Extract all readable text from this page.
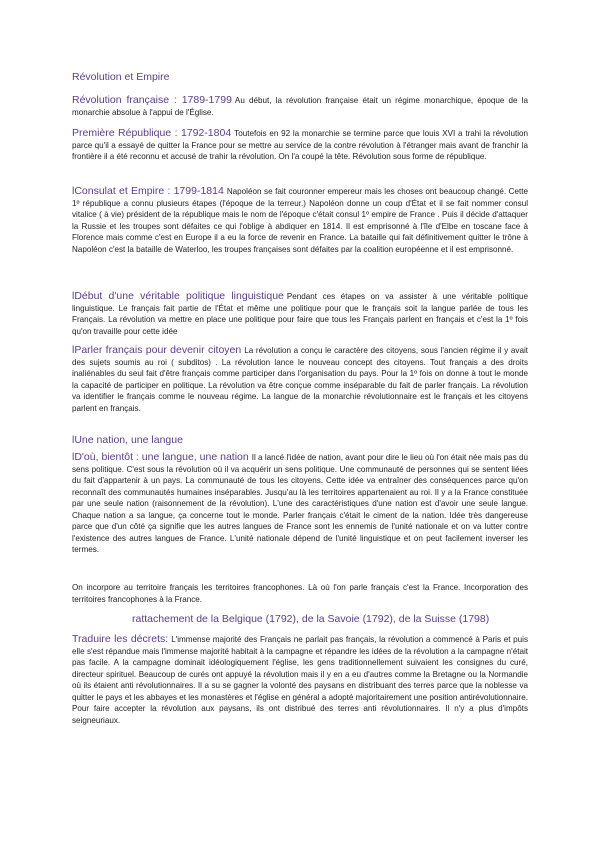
Révolution et Empire
Révolution française : 1789-1799 Au début, la révolution française était un régime monarchique, époque de la monarchie absolue à l'appui de l'Église.
Première République : 1792-1804 Toutefois en 92 la monarchie se termine parce que louis XVI a trahi la révolution parce qu'il a essayé de quitter la France pour se mettre au service de la contre révolution à l'étranger mais avant de franchir la frontière il a été reconnu et accusé de trahir la révolution. On l'a coupé la tête. Révolution sous forme de république.
lConsulat et Empire : 1799-1814 Napoléon se fait couronner empereur mais les choses ont beaucoup changé. Cette 1º république a connu plusieurs étapes (l'époque de la terreur.) Napoléon donne un coup d'État et il se fait nommer consul vitalice ( à vie) président de la république mais le nom de l'époque c'était consul 1º empire de France . Puis il décide d'attaquer la Russie et les troupes sont défaites ce qui l'oblige à abdiquer en 1814. Il est emprisonné à l'île d'Elbe en toscane face à Florence mais comme c'est en Europe il a eu la force de revenir en France. La bataille qui fait définitivement quitter le trône à Napoléon c'est la bataille de Waterloo, les troupes françaises sont défaites par la coalition européenne et il est emprisonné.
lDébut d'une véritable politique linguistique Pendant ces étapes on va assister à une véritable politique linguistique. Le français fait partie de l'État et même une politique pour que le français soit la langue parlée de tous les Français. La révolution va mettre en place une politique pour faire que tous les Français parlent en français et c'est la 1º fois qu'on travaille pour cette idée
lParler français pour devenir citoyen La révolution a conçu le caractère des citoyens, sous l'ancien régime il y avait des sujets soumis au roi ( subditos) . La révolution lance le nouveau concept des citoyens. Tout français a des droits inaliénables du seul fait d'être français comme participer dans l'organisation du pays. Pour la 1º fois on donne à tout le monde la capacité de participer en politique. La révolution va être conçue comme inséparable du fait de parler français. La révolution va identifier le français comme le nouveau régime. La langue de la monarchie révolutionnaire est le français et les citoyens parlent en français.
lUne nation, une langue
lD'où, bientôt : une langue, une nation Il a lancé l'idée de nation, avant pour dire le lieu où l'on était née mais pas du sens politique. C'est sous la révolution où il va acquérir un sens politique. Une communauté de personnes qui se sentent liées du fait d'appartenir à un pays. La communauté de tous les citoyens. Cette idée va entraîner des conséquences parce qu'on reconnaît des communautés humaines inséparables. Jusqu'au là les territoires appartenaient au roi. Il y a la France constituée par une seule nation (raisonnement de la révolution). L'une des caractéristiques d'une nation est d'avoir une seule langue. Chaque nation a sa langue, ça concerne tout le monde. Parler français c'était le ciment de la nation. Idée très dangereuse parce que d'un côté ça signifie que les autres langues de France sont les ennemis de l'unité nationale et on va lutter contre l'existence des autres langues de France. L'unité nationale dépend de l'unité linguistique et on peut facilement inverser les termes.
On incorpore au territoire français les territoires francophones. Là où l'on parle français c'est la France. Incorporation des territoires francophones à la France.
rattachement de la Belgique (1792), de la Savoie (1792), de la Suisse (1798)
Traduire les décrets: L'immense majorité des Français ne parlait pas français, la révolution a commencé à Paris et puis elle s'est répandue mais l'immense majorité habitait à la campagne et répandre les idées de la révolution a la campagne n'était pas facile. A la campagne dominait idéologiquement l'église, les gens traditionnellement suivaient les consignes du curé, directeur spirituel. Beaucoup de curés ont appuyé la révolution mais il y en a eu d'autres comme la Bretagne ou la Normandie où ils étaient anti révolutionnaires. Il a su se gagner la volonté des paysans en distribuant des terres parce que la noblesse va quitter le pays et les abbayes et les monastères et l'église en général a adopté majoritairement une position antirévolutionnaire. Pour faire accepter la révolution aux paysans, ils ont distribué des terres anti révolutionnaires. Il n'y a plus d'impôts seigneuriaux.
